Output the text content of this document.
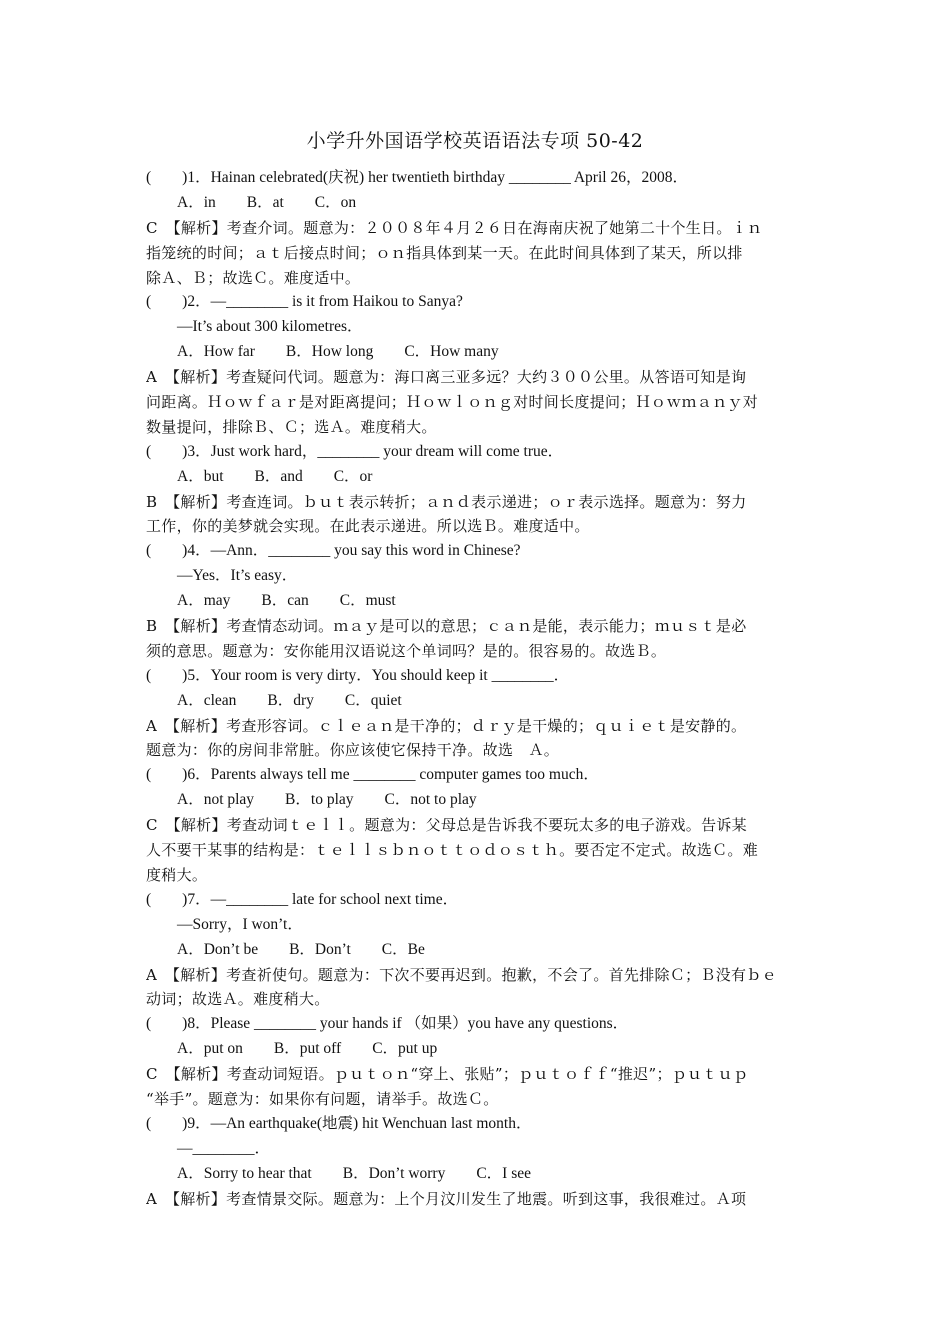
小学升外国语学校英语语法专项 50-42
(　　)1．Hainan celebrated(庆祝) her twentieth birthday ________ April 26，2008．
A．in　　B．at　　C．on
C　【解析】考查介词。题意为：２００８年４月２６日在海南庆祝了她第二十个生日。ｉｎ
指笼统的时间；ａｔ后接点时间；ｏｎ指具体到某一天。在此时间具体到了某天，所以排
除Ａ、Ｂ；故选Ｃ。难度适中。
(　　)2．—________ is it from Haikou to Sanya?
—It’s about 300 kilometres．
A．How far　　B．How long　　C．How many
A　【解析】考查疑问代词。题意为：海口离三亚多远？大约３００公里。从答语可知是询
问距离。Ｈｏｗｆａｒ是对距离提问；Ｈｏｗｌｏｎｇ对时间长度提问；Ｈｏｗｍａｎｙ对
数量提问，排除Ｂ、Ｃ；选Ａ。难度稍大。
(　　)3．Just work hard，________ your dream will come true．
A．but　　B．and　　C．or
B　【解析】考查连词。ｂｕｔ表示转折；ａｎｄ表示递进；ｏｒ表示选择。题意为：努力
工作，你的美梦就会实现。在此表示递进。所以选Ｂ。难度适中。
(　　)4．—Ann．________ you say this word in Chinese?
—Yes．It’s easy．
A．may　　B．can　　C．must
B　【解析】考查情态动词。ｍａｙ是可以的意思；ｃａｎ是能，表示能力；ｍｕｓｔ是必
须的意思。题意为：安你能用汉语说这个单词吗？是的。很容易的。故选Ｂ。
(　　)5．Your room is very dirty．You should keep it ________．
A．clean　　B．dry　　C．quiet
A　【解析】考查形容词。ｃｌｅａｎ是干净的；ｄｒｙ是干燥的；ｑｕｉｅｔ是安静的。
题意为：你的房间非常脏。你应该使它保持干净。故选　Ａ。
(　　)6．Parents always tell me ________ computer games too much．
A．not play　　B．to play　　C．not to play
C　【解析】考查动词ｔｅｌｌ。题意为：父母总是告诉我不要玩太多的电子游戏。告诉某
人不要干某事的结构是：ｔｅｌｌｓｂｎｏｔｔｏｄｏｓｔｈ。要否定不定式。故选Ｃ。难
度稍大。
(　　)7．—________ late for school next time．
—Sorry，I won’t．
A．Don’t be　　B．Don’t　　C．Be
A　【解析】考查祈使句。题意为：下次不要再迟到。抱歉，不会了。首先排除Ｃ；Ｂ没有ｂｅ
动词；故选Ａ。难度稍大。
(　　)8．Please ________ your hands if （如果）you have any questions．
A．put on　　B．put off　　C．put up
C　【解析】考查动词短语。ｐｕｔｏｎ“穿上、张贴”；ｐｕｔｏｆｆ“推迟”；ｐｕｔｕｐ
“举手”。题意为：如果你有问题，请举手。故选Ｃ。
(　　)9．—An earthquake(地震) hit Wenchuan last month．
—________．
A．Sorry to hear that　　B．Don’t worry　　C．I see
A　【解析】考查情景交际。题意为：上个月汶川发生了地震。听到这事，我很难过。Ａ项
